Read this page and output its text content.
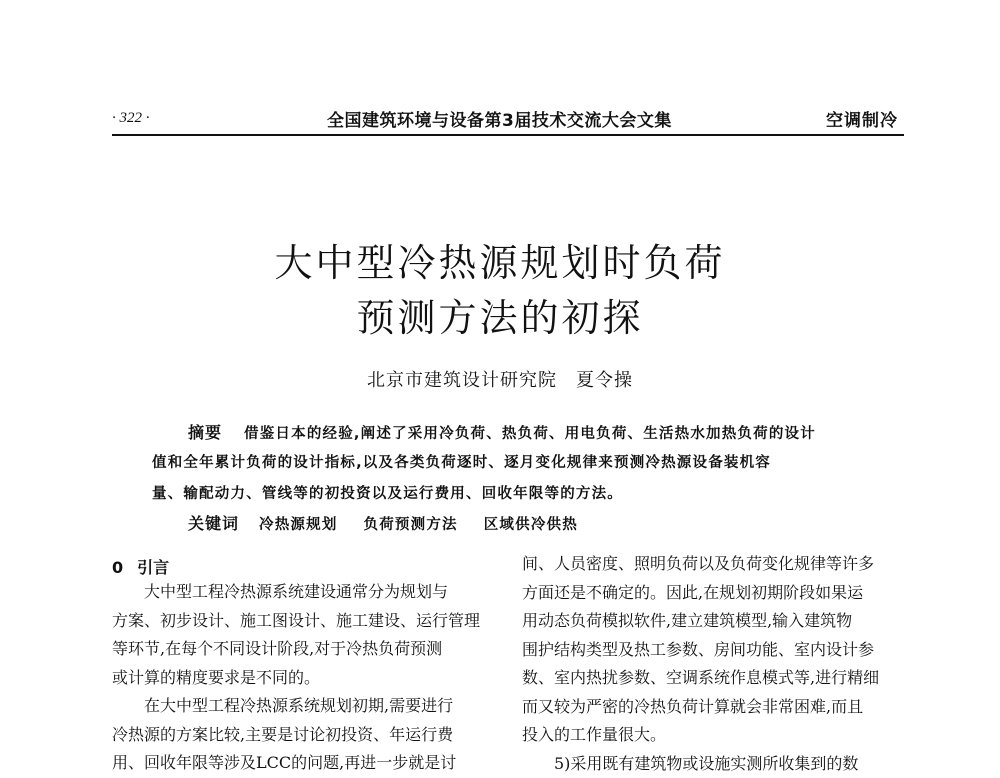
· 322 ·	全国建筑环境与设备第3届技术交流大会文集	空调制冷
大中型冷热源规划时负荷
预测方法的初探
北京市建筑设计研究院　夏令操
摘要 借鉴日本的经验,阐述了采用冷负荷、热负荷、用电负荷、生活热水加热负荷的设计
值和全年累计负荷的设计指标,以及各类负荷逐时、逐月变化规律来预测冷热源设备装机容
量、输配动力、管线等的初投资以及运行费用、回收年限等的方法。
关键词 冷热源规划 负荷预测方法 区域供冷供热
0 引言

大中型工程冷热源系统建设通常分为规划与

方案、初步设计、施工图设计、施工建设、运行管理

等环节,在每个不同设计阶段,对于冷热负荷预测

或计算的精度要求是不同的。

在大中型工程冷热源系统规划初期,需要进行

冷热源的方案比较,主要是讨论初投资、年运行费

用、回收年限等涉及LCC的问题,再进一步就是讨

间、人员密度、照明负荷以及负荷变化规律等许多

方面还是不确定的。因此,在规划初期阶段如果运

用动态负荷模拟软件,建立建筑模型,输入建筑物

围护结构类型及热工参数、房间功能、室内设计参

数、室内热扰参数、空调系统作息模式等,进行精细

而又较为严密的冷热负荷计算就会非常困难,而且

投入的工作量很大。

5)采用既有建筑物或设施实测所收集到的数
